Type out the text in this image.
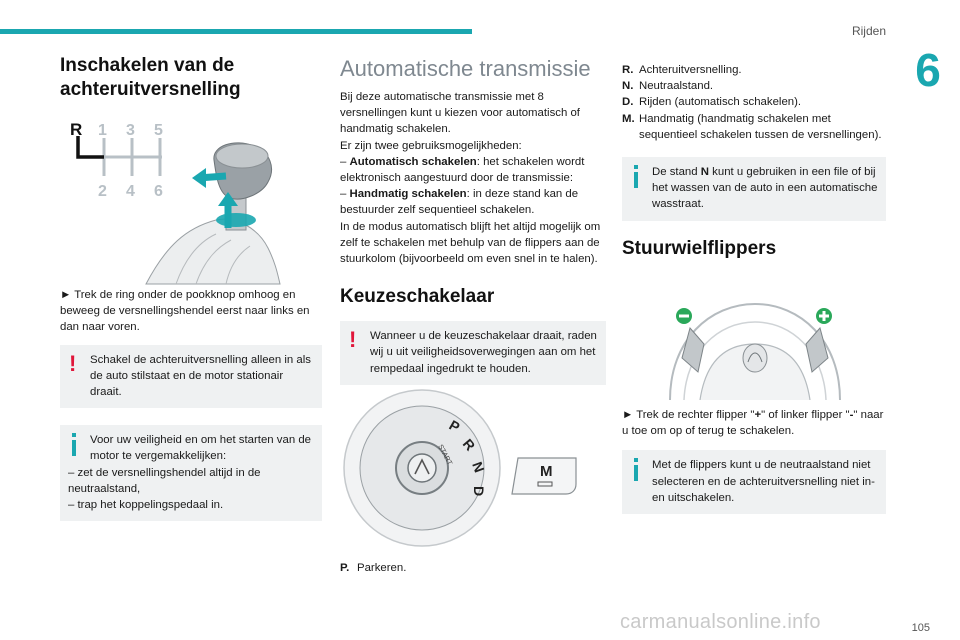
Rijden
6
Inschakelen van de achteruitversnelling
R 1 3 5
2 4 6

► Trek de ring onder de pookknop omhoog en beweeg de versnellingshendel eerst naar links en dan naar voren.

!	Schakel de achteruitversnelling alleen in als de auto stilstaat en de motor stationair draait.
Voor uw veiligheid en om het starten van de motor te vergemakkelijken:
– zet de versnellingshendel altijd in de neutraalstand,
– trap het koppelingspedaal in.
Automatische transmissie

Bij deze automatische transmissie met 8 versnellingen kunt u kiezen voor automatisch of handmatig schakelen.
Er zijn twee gebruiksmogelijkheden:
– Automatisch schakelen: het schakelen wordt elektronisch aangestuurd door de transmissie:
– Handmatig schakelen: in deze stand kan de bestuurder zelf sequentieel schakelen.
In de modus automatisch blijft het altijd mogelijk om zelf te schakelen met behulp van de flippers aan de stuurkolom (bijvoorbeeld om even snel in te halen).

Keuzeschakelaar
!	Wanneer u de keuzeschakelaar draait, raden wij u uit veiligheidsoverwegingen aan om het rempedaal ingedrukt te houden.
START
P
R
N
D
M
P. Parkeren.
R. Achteruitversnelling.
N. Neutraalstand.
D. Rijden (automatisch schakelen).
M. Handmatig (handmatig schakelen met sequentieel schakelen tussen de versnellingen).
De stand N kunt u gebruiken in een file of bij het wassen van de auto in een automatische wasstraat.
Stuurwielflippers

► Trek de rechter flipper "+" of linker flipper "-" naar u toe om op of terug te schakelen.

Met de flippers kunt u de neutraalstand niet selecteren en de achteruitversnelling niet in- en uitschakelen.
carmanualsonline.info	105
